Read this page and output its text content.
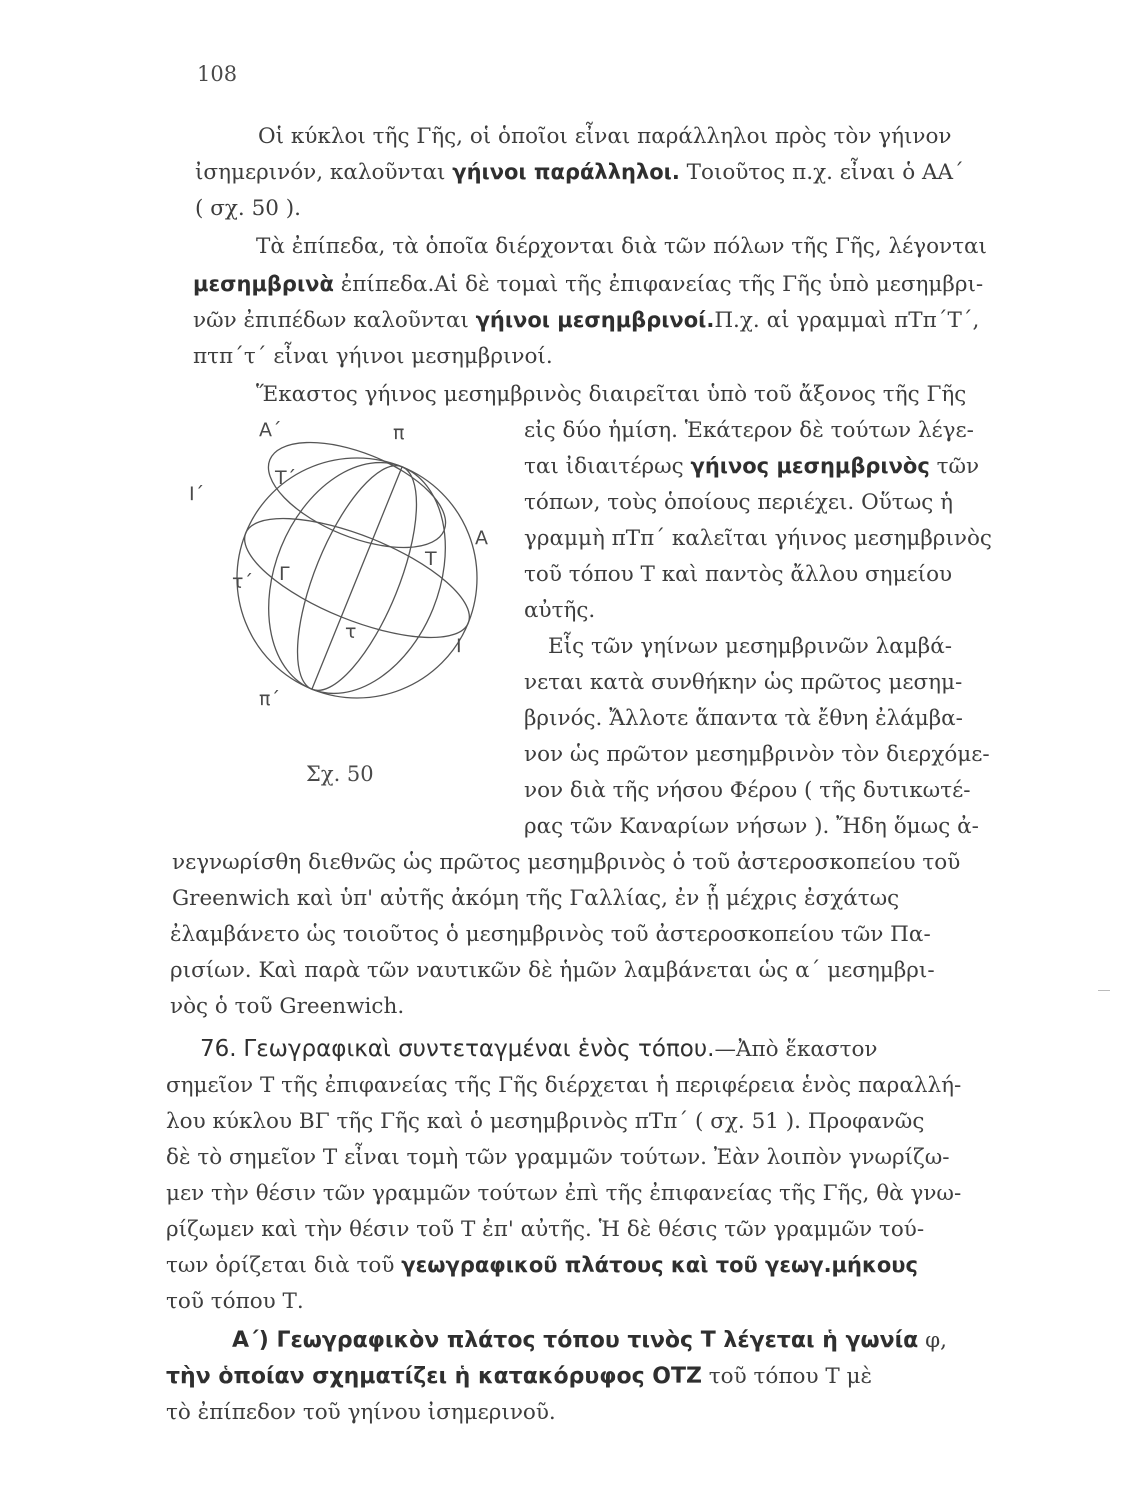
108
Οἱ κύκλοι τῆς Γῆς, οἱ ὁποῖοι εἶναι παράλληλοι πρὸς τὸν γήινον
ἰσημερινόν, καλοῦνται γήινοι παράλληλοι. Τοιοῦτος π.χ. εἶναι ὁ ΑΑ΄
( σχ. 50 ).
Τὰ ἐπίπεδα, τὰ ὁποῖα διέρχονται διὰ τῶν πόλων τῆς Γῆς, λέγονται
μεσημβρινὰ ἐπίπεδα.Αἱ δὲ τομαὶ τῆς ἐπιφανείας τῆς Γῆς ὑπὸ μεσημβρι-
νῶν ἐπιπέδων καλοῦνται γήινοι μεσημβρινοί.Π.χ. αἱ γραμμαὶ πΤπ΄Τ΄,
πτπ΄τ΄ εἶναι γήινοι μεσημβρινοί.
Ἕκαστος γήινος μεσημβρινὸς διαιρεῖται ὑπὸ τοῦ ἄξονος τῆς Γῆς
εἰς δύο ἡμίση. Ἑκάτερον δὲ τούτων λέγε-
ται ἰδιαιτέρως γήινος μεσημβρινὸς τῶν
τόπων, τοὺς ὁποίους περιέχει. Οὕτως ἡ
γραμμὴ πΤπ΄ καλεῖται γήινος μεσημβρινὸς
τοῦ τόπου Τ καὶ παντὸς ἄλλου σημείου
αὐτῆς.
Εἷς τῶν γηίνων μεσημβρινῶν λαμβά-
νεται κατὰ συνθήκην ὡς πρῶτος μεσημ-
βρινός. Ἄλλοτε ἅπαντα τὰ ἔθνη ἐλάμβα-
νον ὡς πρῶτον μεσημβρινὸν τὸν διερχόμε-
νον διὰ τῆς νήσου Φέρου ( τῆς δυτικωτέ-
ρας τῶν Καναρίων νήσων ). Ἤδη ὅμως ἀ-
νεγνωρίσθη διεθνῶς ὡς πρῶτος μεσημβρινὸς ὁ τοῦ ἀστεροσκοπείου τοῦ
Greenwich καὶ ὑπ' αὐτῆς ἀκόμη τῆς Γαλλίας, ἐν ᾗ μέχρις ἐσχάτως
ἐλαμβάνετο ὡς τοιοῦτος ὁ μεσημβρινὸς τοῦ ἀστεροσκοπείου τῶν Πα-
ρισίων. Καὶ παρὰ τῶν ναυτικῶν δὲ ἡμῶν λαμβάνεται ὡς α΄ μεσημβρι-
νὸς ὁ τοῦ Greenwich.
76. Γεωγραφικαὶ συντεταγμέναι ἑνὸς τόπου.—Ἀπὸ ἕκαστον
σημεῖον Τ τῆς ἐπιφανείας τῆς Γῆς διέρχεται ἡ περιφέρεια ἑνὸς παραλλή-
λου κύκλου ΒΓ τῆς Γῆς καὶ ὁ μεσημβρινὸς πΤπ΄ ( σχ. 51 ). Προφανῶς
δὲ τὸ σημεῖον Τ εἶναι τομὴ τῶν γραμμῶν τούτων. Ἐὰν λοιπὸν γνωρίζω-
μεν τὴν θέσιν τῶν γραμμῶν τούτων ἐπὶ τῆς ἐπιφανείας τῆς Γῆς, θὰ γνω-
ρίζωμεν καὶ τὴν θέσιν τοῦ Τ ἐπ' αὐτῆς. Ἡ δὲ θέσις τῶν γραμμῶν τού-
των ὁρίζεται διὰ τοῦ γεωγραφικοῦ πλάτους καὶ τοῦ γεωγ.μήκους
τοῦ τόπου Τ.
Α΄) Γεωγραφικὸν πλάτος τόπου τινὸς Τ λέγεται ἡ γωνία φ,
τὴν ὁποίαν σχηματίζει ἡ κατακόρυφος ΟΤΖ τοῦ τόπου Τ μὲ
τὸ ἐπίπεδον τοῦ γηίνου ἰσημερινοῦ.
Α΄	π
Ι΄
Τ΄
Α
Τ
τ΄ Γ
τ
Ι
π΄
Σχ. 50
